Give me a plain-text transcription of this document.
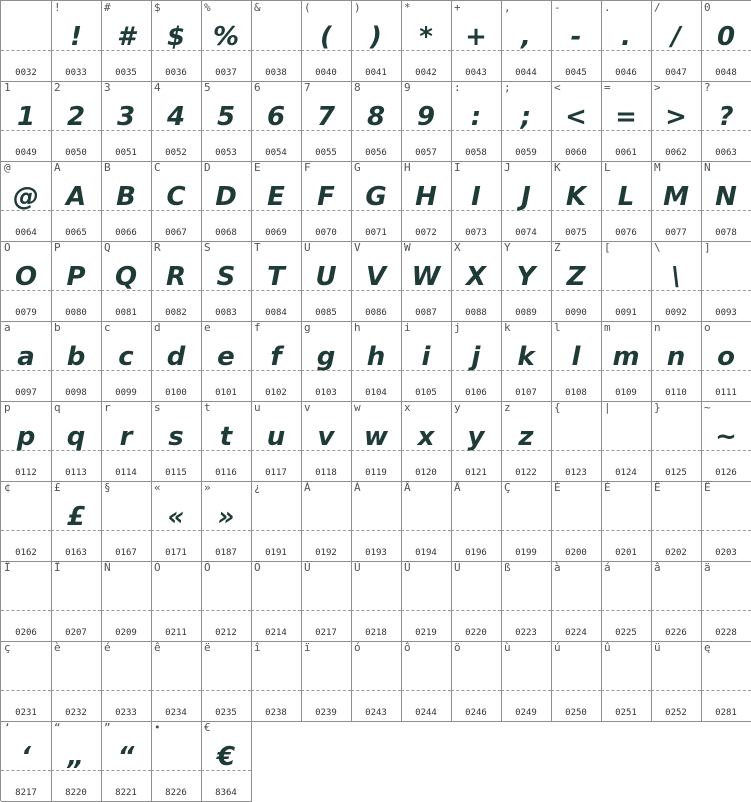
0032
!
!
0033
#
#
0035
$
$
0036
%
%
0037
&
0038
(
(
0040
)
)
0041
*
*
0042
+
+
0043
,
,
0044
-
-
0045
.
.
0046
/
/
0047
0
0
0048
1
1
0049
2
2
0050
3
3
0051
4
4
0052
5
5
0053
6
6
0054
7
7
0055
8
8
0056
9
9
0057
:
:
0058
;
;
0059
<
<
0060
=
=
0061
>
>
0062
?
?
0063
@
@
0064
A
A
0065
B
B
0066
C
C
0067
D
D
0068
E
E
0069
F
F
0070
G
G
0071
H
H
0072
I
I
0073
J
J
0074
K
K
0075
L
L
0076
M
M
0077
N
N
0078
O
O
0079
P
P
0080
Q
Q
0081
R
R
0082
S
S
0083
T
T
0084
U
U
0085
V
V
0086
W
W
0087
X
X
0088
Y
Y
0089
Z
Z
0090
[
0091
\
\
0092
]
0093
a
a
0097
b
b
0098
c
c
0099
d
d
0100
e
e
0101
f
f
0102
g
g
0103
h
h
0104
i
i
0105
j
j
0106
k
k
0107
l
l
0108
m
m
0109
n
n
0110
o
o
0111
p
p
0112
q
q
0113
r
r
0114
s
s
0115
t
t
0116
u
u
0117
v
v
0118
w
w
0119
x
x
0120
y
y
0121
z
z
0122
{
0123
|
0124
}
0125
~
~
0126
¢
0162
£
£
0163
§
0167
«
«
0171
»
»
0187
¿
0191
À
0192
Á
0193
Â
0194
Ä
0196
Ç
0199
È
0200
É
0201
Ê
0202
Ë
0203
Î
0206
Ï
0207
Ñ
0209
Ó
0211
Ô
0212
Ö
0214
Ù
0217
Ú
0218
Û
0219
Ü
0220
ß
0223
à
0224
á
0225
â
0226
ä
0228
ç
0231
è
0232
é
0233
ê
0234
ë
0235
î
0238
ï
0239
ó
0243
ô
0244
ö
0246
ù
0249
ú
0250
û
0251
ü
0252
ę
0281
‘
‘
8217
“
„
8220
”
“
8221
•
8226
€
€
8364
